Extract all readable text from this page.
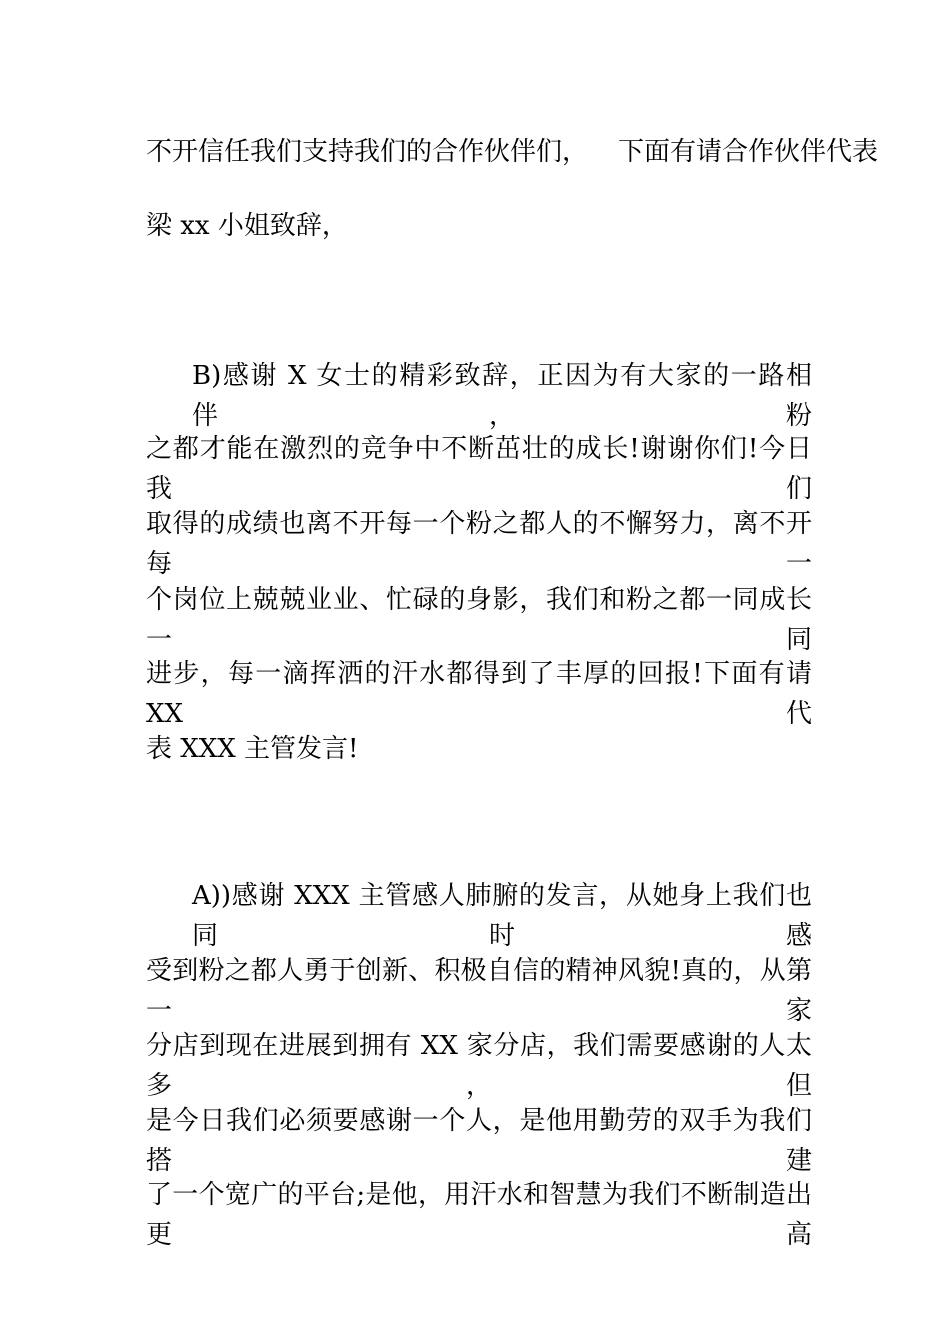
不开信任我们支持我们的合作伙伴们， 下面有请合作伙伴代表
梁 xx 小姐致辞，
B)感谢 X 女士的精彩致辞，正因为有大家的一路相伴，粉
之都才能在激烈的竞争中不断茁壮的成长!谢谢你们!今日我们
取得的成绩也离不开每一个粉之都人的不懈努力，离不开每一
个岗位上兢兢业业、忙碌的身影，我们和粉之都一同成长一同
进步，每一滴挥洒的汗水都得到了丰厚的回报!下面有请 XX 代
表 XXX 主管发言!
A))感谢 XXX 主管感人肺腑的发言，从她身上我们也同时感
受到粉之都人勇于创新、积极自信的精神风貌!真的，从第一家
分店到现在进展到拥有 XX 家分店，我们需要感谢的人太多，但
是今日我们必须要感谢一个人，是他用勤劳的双手为我们搭建
了一个宽广的平台;是他，用汗水和智慧为我们不断制造出更高
